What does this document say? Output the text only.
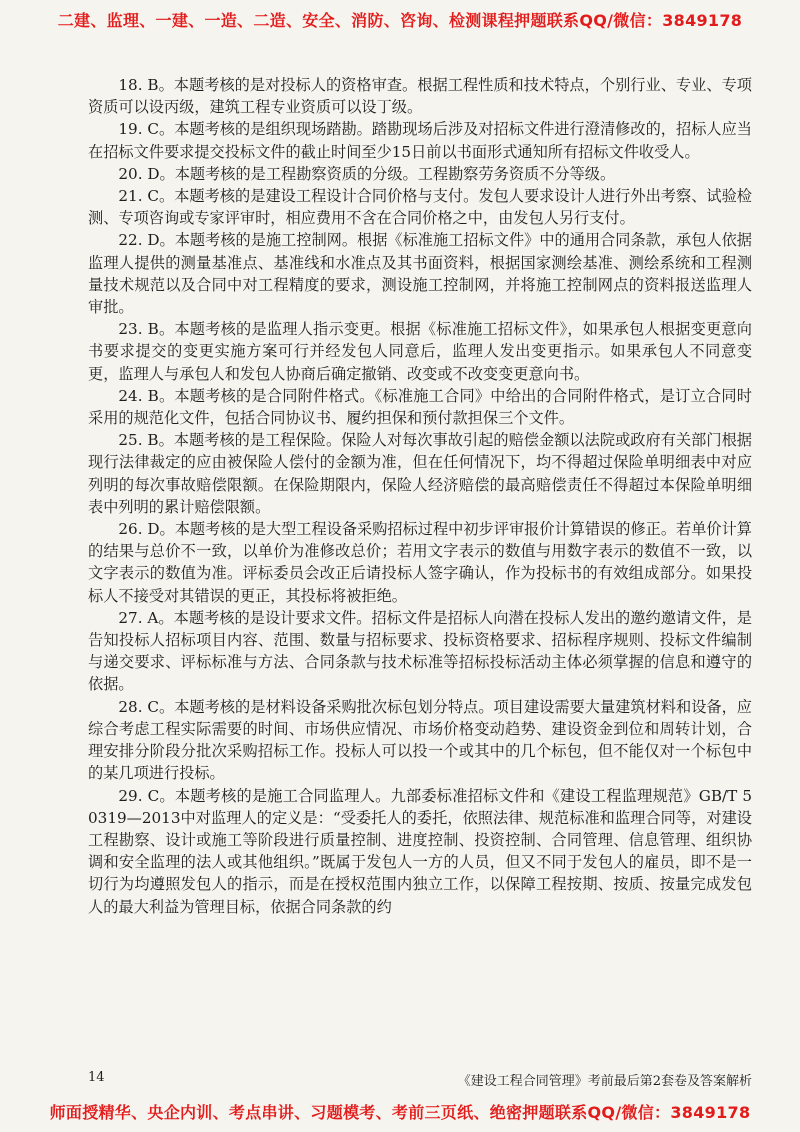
二建、监理、一建、一造、二造、安全、消防、咨询、检测课程押题联系QQ/微信：3849178

18. B。本题考核的是对投标人的资格审查。根据工程性质和技术特点，个别行业、专业、专项资质可以设丙级，建筑工程专业资质可以设丁级。

19. C。本题考核的是组织现场踏勘。踏勘现场后涉及对招标文件进行澄清修改的，招标人应当在招标文件要求提交投标文件的截止时间至少15日前以书面形式通知所有招标文件收受人。

20. D。本题考核的是工程勘察资质的分级。工程勘察劳务资质不分等级。

21. C。本题考核的是建设工程设计合同价格与支付。发包人要求设计人进行外出考察、试验检测、专项咨询或专家评审时，相应费用不含在合同价格之中，由发包人另行支付。

22. D。本题考核的是施工控制网。根据《标准施工招标文件》中的通用合同条款，承包人依据监理人提供的测量基准点、基准线和水准点及其书面资料，根据国家测绘基准、测绘系统和工程测量技术规范以及合同中对工程精度的要求，测设施工控制网，并将施工控制网点的资料报送监理人审批。

23. B。本题考核的是监理人指示变更。根据《标准施工招标文件》，如果承包人根据变更意向书要求提交的变更实施方案可行并经发包人同意后，监理人发出变更指示。如果承包人不同意变更，监理人与承包人和发包人协商后确定撤销、改变或不改变变更意向书。

24. B。本题考核的是合同附件格式。《标准施工合同》中给出的合同附件格式，是订立合同时采用的规范化文件，包括合同协议书、履约担保和预付款担保三个文件。

25. B。本题考核的是工程保险。保险人对每次事故引起的赔偿金额以法院或政府有关部门根据现行法律裁定的应由被保险人偿付的金额为准，但在任何情况下，均不得超过保险单明细表中对应列明的每次事故赔偿限额。在保险期限内，保险人经济赔偿的最高赔偿责任不得超过本保险单明细表中列明的累计赔偿限额。

26. D。本题考核的是大型工程设备采购招标过程中初步评审报价计算错误的修正。若单价计算的结果与总价不一致，以单价为准修改总价；若用文字表示的数值与用数字表示的数值不一致，以文字表示的数值为准。评标委员会改正后请投标人签字确认，作为投标书的有效组成部分。如果投标人不接受对其错误的更正，其投标将被拒绝。

27. A。本题考核的是设计要求文件。招标文件是招标人向潜在投标人发出的邀约邀请文件，是告知投标人招标项目内容、范围、数量与招标要求、投标资格要求、招标程序规则、投标文件编制与递交要求、评标标准与方法、合同条款与技术标准等招标投标活动主体必须掌握的信息和遵守的依据。

28. C。本题考核的是材料设备采购批次标包划分特点。项目建设需要大量建筑材料和设备，应综合考虑工程实际需要的时间、市场供应情况、市场价格变动趋势、建设资金到位和周转计划，合理安排分阶段分批次采购招标工作。投标人可以投一个或其中的几个标包，但不能仅对一个标包中的某几项进行投标。

29. C。本题考核的是施工合同监理人。九部委标准招标文件和《建设工程监理规范》GB/T 50319—2013中对监理人的定义是：“受委托人的委托，依照法律、规范标准和监理合同等，对建设工程勘察、设计或施工等阶段进行质量控制、进度控制、投资控制、合同管理、信息管理、组织协调和安全监理的法人或其他组织。”既属于发包人一方的人员，但又不同于发包人的雇员，即不是一切行为均遵照发包人的指示，而是在授权范围内独立工作，以保障工程按期、按质、按量完成发包人的最大利益为管理目标，依据合同条款的约

14	《建设工程合同管理》考前最后第2套卷及答案解析
师面授精华、央企内训、考点串讲、习题模考、考前三页纸、绝密押题联系QQ/微信：3849178
